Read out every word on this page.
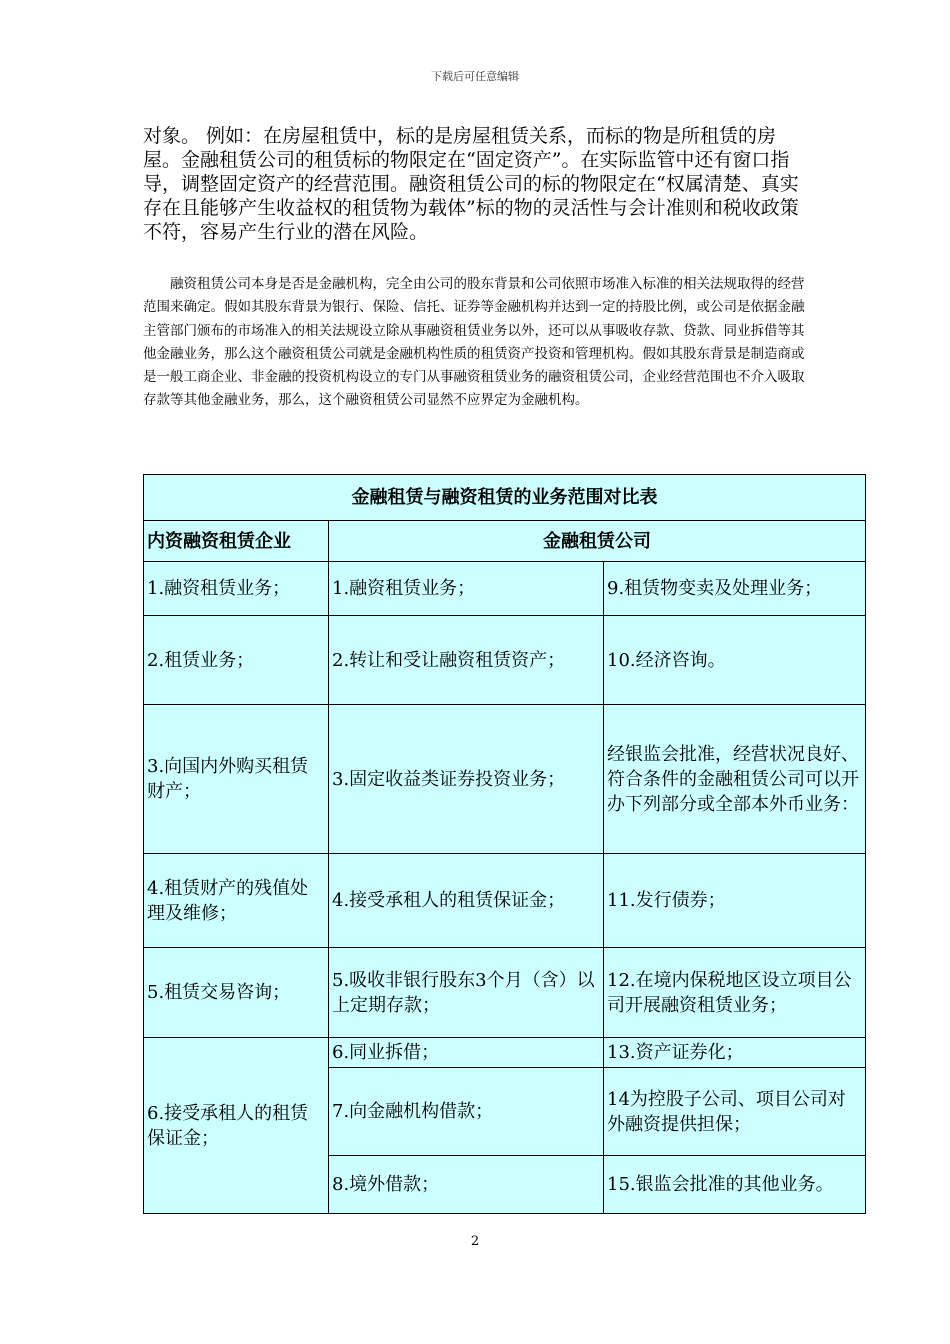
下载后可任意编辑

对象。 例如：在房屋租赁中，标的是房屋租赁关系，而标的物是所租赁的房屋。金融租赁公司的租赁标的物限定在“固定资产”。在实际监管中还有窗口指导，调整固定资产的经营范围。融资租赁公司的标的物限定在“权属清楚、真实存在且能够产生收益权的租赁物为载体”标的物的灵活性与会计准则和税收政策不符，容易产生行业的潜在风险。

融资租赁公司本身是否是金融机构，完全由公司的股东背景和公司依照市场准入标准的相关法规取得的经营范围来确定。假如其股东背景为银行、保险、信托、证券等金融机构并达到一定的持股比例，或公司是依据金融主管部门颁布的市场准入的相关法规设立除从事融资租赁业务以外，还可以从事吸收存款、贷款、同业拆借等其他金融业务，那么这个融资租赁公司就是金融机构性质的租赁资产投资和管理机构。假如其股东背景是制造商或是一般工商企业、非金融的投资机构设立的专门从事融资租赁业务的融资租赁公司，企业经营范围也不介入吸取存款等其他金融业务，那么，这个融资租赁公司显然不应界定为金融机构。

金融租赁与融资租赁的业务范围对比表		
内资融资租赁企业	金融租赁公司	
1.融资租赁业务；	1.融资租赁业务；	9.租赁物变卖及处理业务；
2.租赁业务；	2.转让和受让融资租赁资产；	10.经济咨询。
3.向国内外购买租赁财产；	3.固定收益类证券投资业务；	经银监会批准，经营状况良好、符合条件的金融租赁公司可以开办下列部分或全部本外币业务：
4.租赁财产的残值处理及维修；	4.接受承租人的租赁保证金；	11.发行债券；
5.租赁交易咨询；	5.吸收非银行股东3个月（含）以上定期存款；	12.在境内保税地区设立项目公司开展融资租赁业务；
6.接受承租人的租赁保证金；	6.同业拆借；	13.资产证券化；
	7.向金融机构借款；	14为控股子公司、项目公司对外融资提供担保；
	8.境外借款；	15.银监会批准的其他业务。
2
